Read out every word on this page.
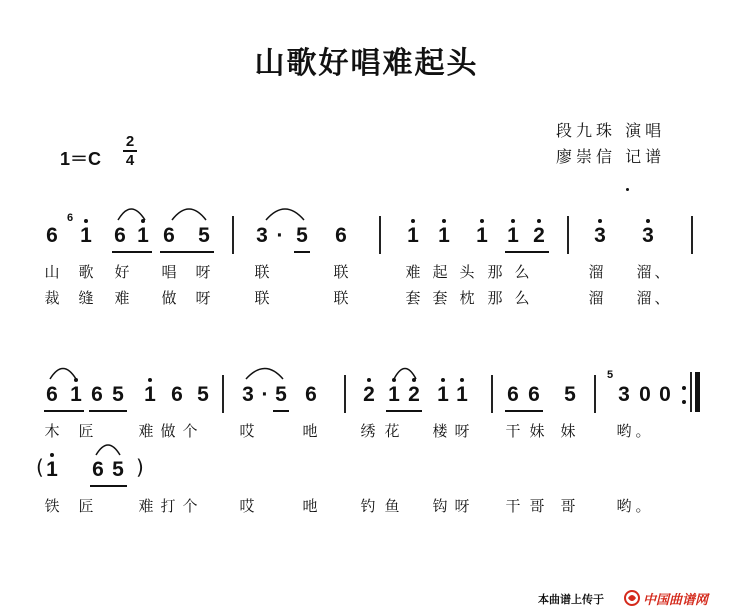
山歌好唱难起头
段九珠 演唱
廖崇信 记谱
1＝C
2
4
6
6 1 6 1 6 5 3 · 5 6	1 1 1 1 2 3 3
山	歌	好	唱	呀	联	联	难 起 头 那 么	溜	溜 、
裁	缝	难	做	呀	联	联	套 套 枕 那 么	溜	溜 、
6 1 6 5 1 6 5 3 · 5 6 2 1 2 1 1 6 6 5
5
3 0 0
木	匠	难 做 个	哎	吔	绣 花	楼 呀	干 妹	妹	哟 。
( 1 6 5 )
铁	匠	难 打 个	哎	吔	钓 鱼	钩 呀	干 哥	哥	哟 。
本曲谱上传于	中国曲谱网
